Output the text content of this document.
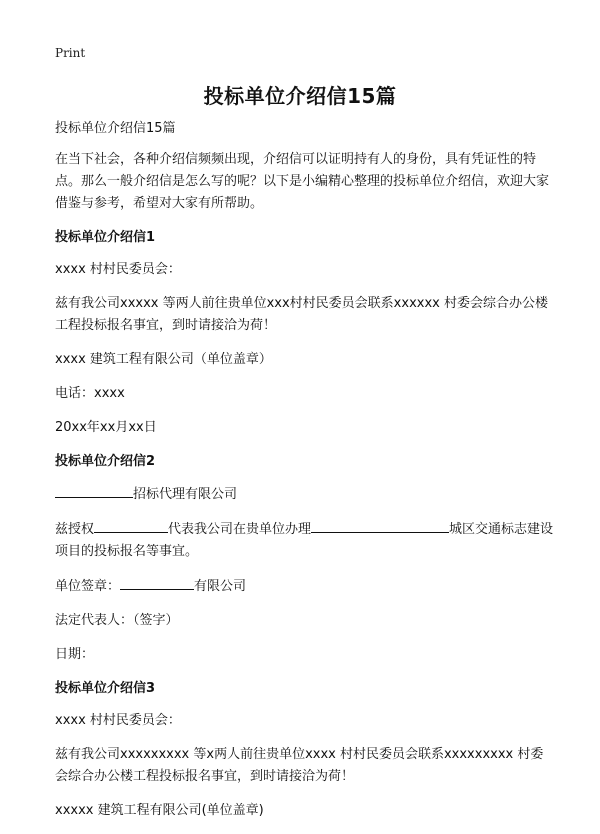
Print
投标单位介绍信15篇

投标单位介绍信15篇

在当下社会，各种介绍信频频出现，介绍信可以证明持有人的身份，具有凭证性的特点。那么一般介绍信是怎么写的呢？以下是小编精心整理的投标单位介绍信，欢迎大家借鉴与参考，希望对大家有所帮助。

投标单位介绍信1

xxxx 村村民委员会：

兹有我公司xxxxx 等两人前往贵单位xxx村村民委员会联系xxxxxx 村委会综合办公楼工程投标报名事宜，到时请接洽为荷！

xxxx 建筑工程有限公司（单位盖章）

电话：xxxx

20xx年xx月xx日

投标单位介绍信2

招标代理有限公司

兹授权	代表我公司在贵单位办理	城区交通标志建设项目的投标报名等事宜。

单位签章：	有限公司

法定代表人：（签字）

日期：

投标单位介绍信3

xxxx 村村民委员会：

兹有我公司xxxxxxxxx 等x两人前往贵单位xxxx 村村民委员会联系xxxxxxxxx 村委会综合办公楼工程投标报名事宜，到时请接洽为荷！

xxxxx 建筑工程有限公司(单位盖章)
